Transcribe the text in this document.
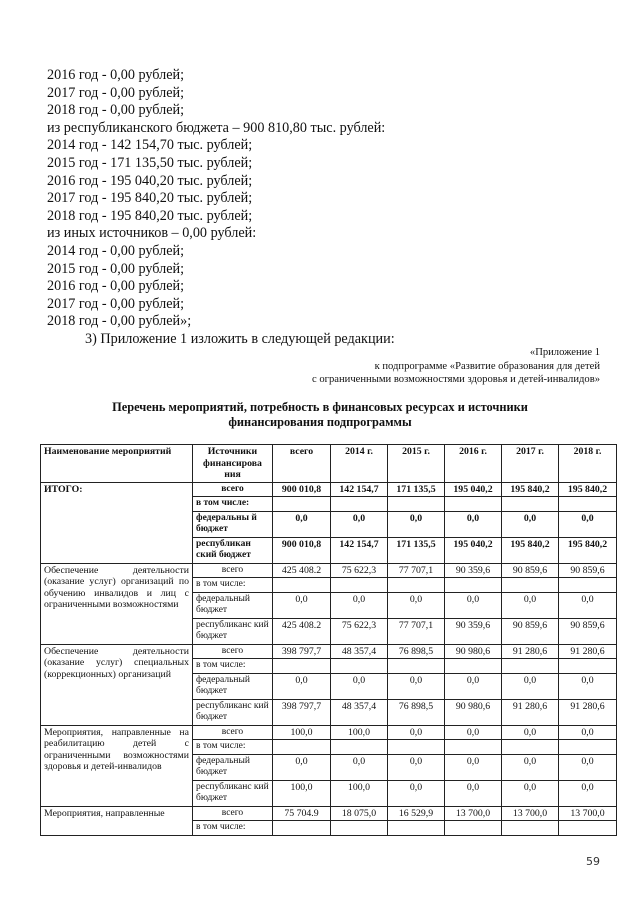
2016 год - 0,00 рублей;
2017 год - 0,00 рублей;
2018 год - 0,00 рублей;
из республиканского бюджета – 900 810,80 тыс. рублей:
2014 год - 142 154,70 тыс. рублей;
2015 год - 171 135,50 тыс. рублей;
2016 год - 195 040,20 тыс. рублей;
2017 год - 195 840,20 тыс. рублей;
2018 год - 195 840,20 тыс. рублей;
из иных источников – 0,00 рублей:
2014 год - 0,00 рублей;
2015 год - 0,00 рублей;
2016 год - 0,00 рублей;
2017 год - 0,00 рублей;
2018 год - 0,00 рублей»;
3) Приложение 1 изложить в следующей редакции:
«Приложение 1
к подпрограмме «Развитие образования для детей
с ограниченными возможностями здоровья и детей-инвалидов»
Перечень мероприятий, потребность в финансовых ресурсах и источники
финансирования подпрограммы
Наименование мероприятий	Источники финансирова ния	всего	2014 г.	2015 г.	2016 г.	2017 г.	2018 г.
ИТОГО:	всего	900 010,8	142 154,7	171 135,5	195 040,2	195 840,2	195 840,2
	в том числе:						
	федеральны й бюджет	0,0	0,0	0,0	0,0	0,0	0,0
	республикан ский бюджет	900 010,8	142 154,7	171 135,5	195 040,2	195 840,2	195 840,2
Обеспечение деятельности (оказание услуг) организаций по обучению инвалидов и лиц с ограниченными возможностями	всего	425 408.2	75 622,3	77 707,1	90 359,6	90 859,6	90 859,6
	в том числе:						
	федеральный бюджет	0,0	0,0	0,0	0,0	0,0	0,0
	республиканс кий бюджет	425 408.2	75 622,3	77 707,1	90 359,6	90 859,6	90 859,6
Обеспечение деятельности (оказание услуг) специальных (коррекционных) организаций	всего	398 797,7	48 357,4	76 898,5	90 980,6	91 280,6	91 280,6
	в том числе:						
	федеральный бюджет	0,0	0,0	0,0	0,0	0,0	0,0
	республиканс кий бюджет	398 797,7	48 357,4	76 898,5	90 980,6	91 280,6	91 280,6
Мероприятия, направленные на реабилитацию детей с ограниченными возможностями здоровья и детей-инвалидов	всего	100,0	100,0	0,0	0,0	0,0	0,0
	в том числе:						
	федеральный бюджет	0,0	0,0	0,0	0,0	0,0	0,0
	республиканс кий бюджет	100,0	100,0	0,0	0,0	0,0	0,0
Мероприятия, направленные	всего	75 704.9	18 075,0	16 529,9	13 700,0	13 700,0	13 700,0
	в том числе:						
59
